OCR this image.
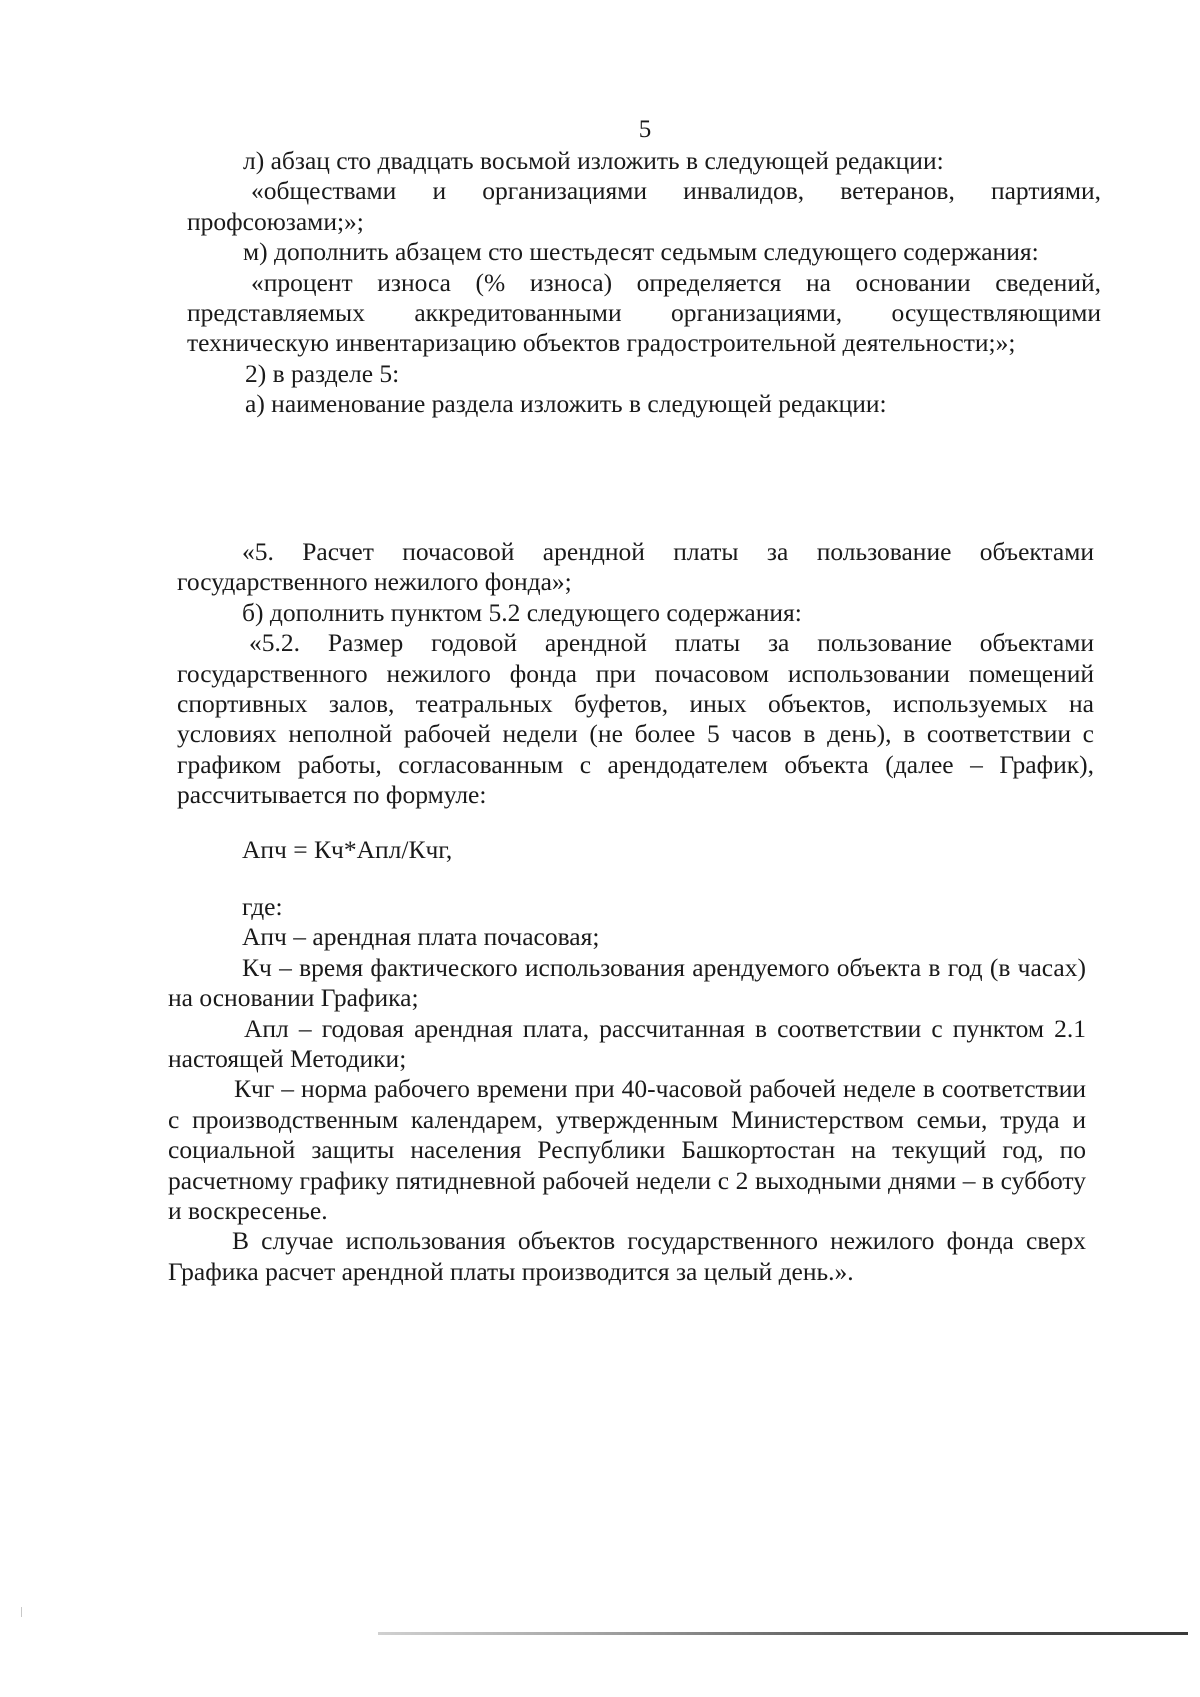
5

л) абзац сто двадцать восьмой изложить в следующей редакции:

«обществами и организациями инвалидов, ветеранов, партиями, профсоюзами;»;

м) дополнить абзацем сто шестьдесят седьмым следующего содержания:

«процент износа (% износа) определяется на основании сведений, представляемых аккредитованными организациями, осуществляющими техническую инвентаризацию объектов градостроительной деятельности;»;

2) в разделе 5:

а) наименование раздела изложить в следующей редакции:

«5. Расчет почасовой арендной платы за пользование объектами государственного нежилого фонда»;

б) дополнить пунктом 5.2 следующего содержания:

«5.2. Размер годовой арендной платы за пользование объектами государственного нежилого фонда при почасовом использовании помещений спортивных залов, театральных буфетов, иных объектов, используемых на условиях неполной рабочей недели (не более 5 часов в день), в соответствии с графиком работы, согласованным с арендодателем объекта (далее – График), рассчитывается по формуле:

Апч = Кч*Апл/Кчг,

где:

Апч – арендная плата почасовая;

Кч – время фактического использования арендуемого объекта в год (в часах) на основании Графика;

Апл – годовая арендная плата, рассчитанная в соответствии с пунктом 2.1 настоящей Методики;

Кчг – норма рабочего времени при 40-часовой рабочей неделе в соответствии с производственным календарем, утвержденным Министерством семьи, труда и социальной защиты населения Республики Башкортостан на текущий год, по расчетному графику пятидневной рабочей недели с 2 выходными днями – в субботу и воскресенье.

В случае использования объектов государственного нежилого фонда сверх Графика расчет арендной платы производится за целый день.».
